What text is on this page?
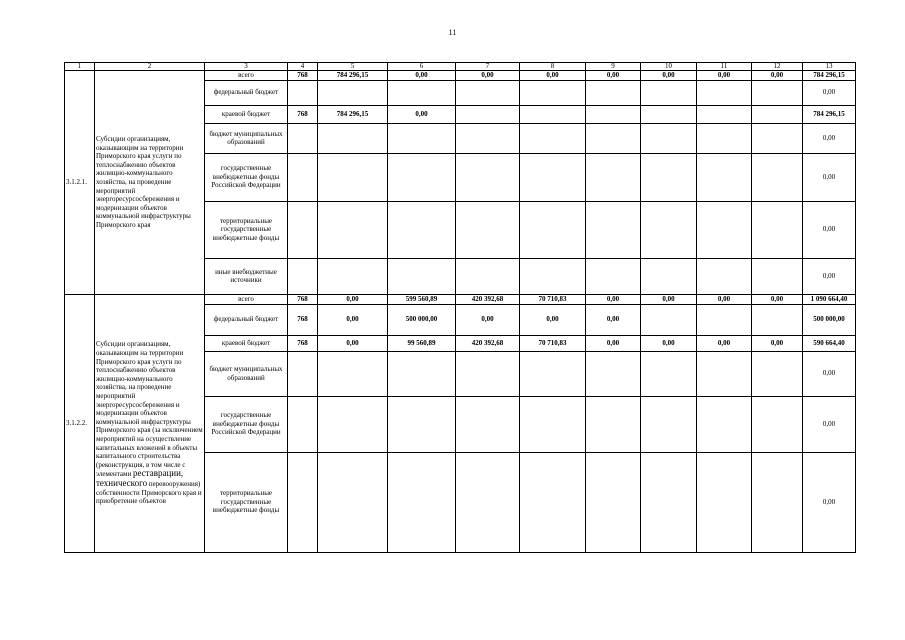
11
1	2	3	4	5	6	7	8	9	10	11	12	13
3.1.2.1.	Субсидии организациям, оказывающим на территории Приморского края услуги по теплоснабжению объектов жилищно-коммунального хозяйства, на проведение мероприятий энергоресурсосбережения и модернизации объектов коммунальной инфраструктуры Приморского края	всего	768	784 296,15	0,00	0,00	0,00	0,00	0,00	0,00	0,00	784 296,15
		федеральный бюджет										0,00
		краевой бюджет	768	784 296,15	0,00							784 296,15
		бюджет муниципальных образований										0,00
		государственные внебюджетные фонды Российской Федерации										0,00
		территориальные государственные внебюджетные фонды										0,00
		иные внебюджетные источники										0,00
3.1.2.2.	Субсидии организациям, оказывающим на территории Приморского края услуги по теплоснабжению объектов жилищно-коммунального хозяйства, на проведение мероприятий энергоресурсосбережения и модернизации объектов коммунальной инфраструктуры Приморского края (за исключением мероприятий на осуществление капитальных вложений в объекты капитального строительства (реконструкция, в том числе с элементами реставрации, технического перевооружения) собственности Приморского края и приобретение объектов	всего	768	0,00	599 560,89	420 392,68	70 710,83	0,00	0,00	0,00	0,00	1 090 664,40
		федеральный бюджет	768	0,00	500 000,00	0,00	0,00	0,00				500 000,00
		краевой бюджет	768	0,00	99 560,89	420 392,68	70 710,83	0,00	0,00	0,00	0,00	590 664,40
		бюджет муниципальных образований										0,00
		государственные внебюджетные фонды Российской Федерации										0,00
		территориальные государственные внебюджетные фонды										0,00
